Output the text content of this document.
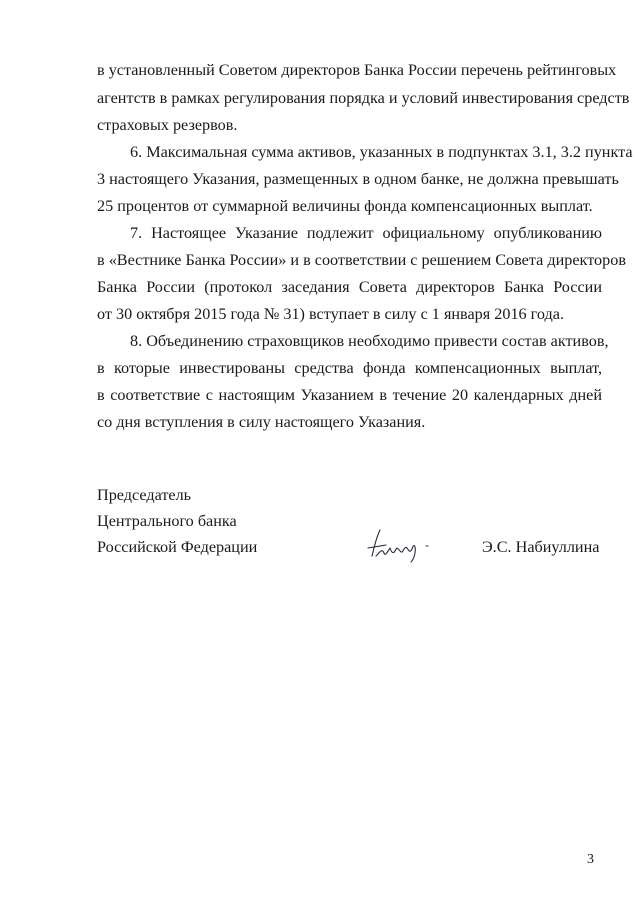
в установленный Советом директоров Банка России перечень рейтинговых
агентств в рамках регулирования порядка и условий инвестирования средств
страховых резервов.
6. Максимальная сумма активов, указанных в подпунктах 3.1, 3.2 пункта
3 настоящего Указания, размещенных в одном банке, не должна превышать
25 процентов от суммарной величины фонда компенсационных выплат.
7. Настоящее Указание подлежит официальному опубликованию
в «Вестнике Банка России» и в соответствии с решением Совета директоров
Банка России (протокол заседания Совета директоров Банка России
от 30 октября 2015 года № 31) вступает в силу с 1 января 2016 года.
8. Объединению страховщиков необходимо привести состав активов,
в которые инвестированы средства фонда компенсационных выплат,
в соответствие с настоящим Указанием в течение 20 календарных дней
со дня вступления в силу настоящего Указания.
Председатель
Центрального банка
Российской Федерации	Э.С. Набиуллина
3
